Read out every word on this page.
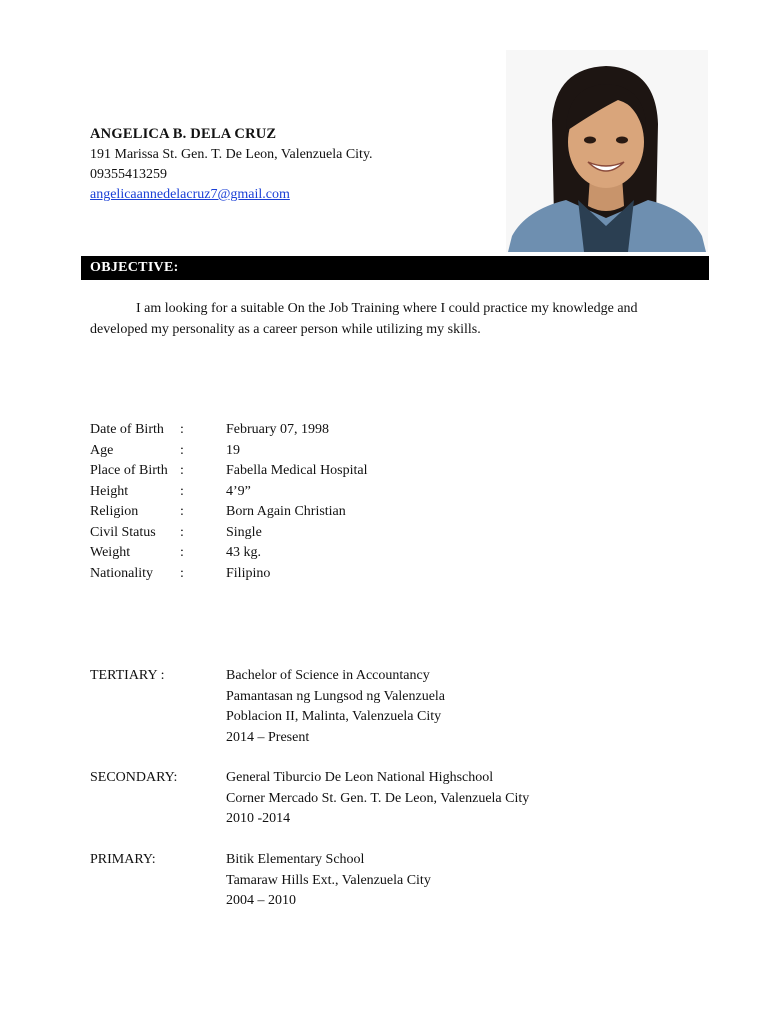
ANGELICA B. DELA CRUZ
191 Marissa St. Gen. T. De Leon, Valenzuela City.
09355413259
angelicaannedelacruz7@gmail.com
OBJECTIVE:
I am looking for a suitable On the Job Training where I could practice my knowledge and developed my personality as a career person while utilizing my skills.
Date of Birth :	February 07, 1998
Age	:	19
Place of Birth :	Fabella Medical Hospital
Height	:	4’9”
Religion	:	Born Again Christian
Civil Status :	Single
Weight	:	43 kg.
Nationality :	Filipino
TERTIARY :	Bachelor of Science in Accountancy
Pamantasan ng Lungsod ng Valenzuela
Poblacion II, Malinta, Valenzuela City
2014 – Present
SECONDARY:	General Tiburcio De Leon National Highschool
Corner Mercado St. Gen. T. De Leon, Valenzuela City
2010 -2014
PRIMARY:	Bitik Elementary School
Tamaraw Hills Ext., Valenzuela City
2004 – 2010
